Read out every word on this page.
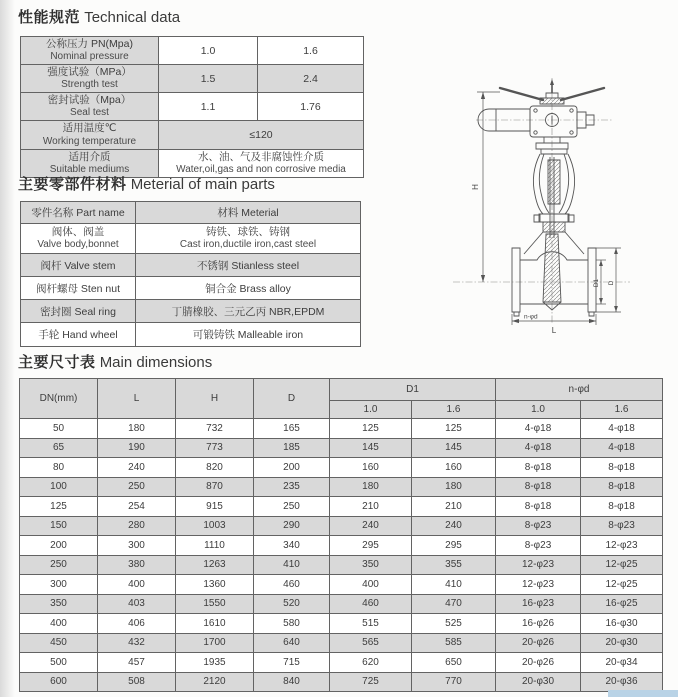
性能规范 Technical data
公称压力 PN(Mpa)
Nominal pressure	1.0	1.6

强度试验（MPa）
Strength test	1.5	2.4

密封试验（Mpa）
Seal test	1.1	1.76

适用温度℃
Working temperature	≤120	

适用介质
Suitable mediums	水、油、气及非腐蚀性介质
Water,oil,gas and non corrosive media	
主要零部件材料 Meterial of main parts
零件名称 Part name	材料 Meterial

阀体、阀盖
Valve body,bonnet	铸铁、球铁、铸钢
Cast iron,ductile iron,cast steel

阀杆 Valve stem	不锈钢 Stianless steel
阀杆螺母 Sten nut	铜合金 Brass alloy
密封圈 Seal ring	丁腈橡胶、三元乙丙 NBR,EPDM
手轮 Hand wheel	可锻铸铁 Malleable iron
主要尺寸表 Main dimensions
DN(mm)	L	H	D	D1		n-φd	
				1.0	1.6	1.0	1.6
50	180	732	165	125	125	4-φ18	4-φ18
65	190	773	185	145	145	4-φ18	4-φ18
80	240	820	200	160	160	8-φ18	8-φ18
100	250	870	235	180	180	8-φ18	8-φ18
125	254	915	250	210	210	8-φ18	8-φ18
150	280	1003	290	240	240	8-φ23	8-φ23
200	300	1110	340	295	295	8-φ23	12-φ23
250	380	1263	410	350	355	12-φ23	12-φ25
300	400	1360	460	400	410	12-φ23	12-φ25
350	403	1550	520	460	470	16-φ23	16-φ25
400	406	1610	580	515	525	16-φ26	16-φ30
450	432	1700	640	565	585	20-φ26	20-φ30
500	457	1935	715	620	650	20-φ26	20-φ34
600	508	2120	840	725	770	20-φ30	20-φ36
H
L
n-φd
D1 D
